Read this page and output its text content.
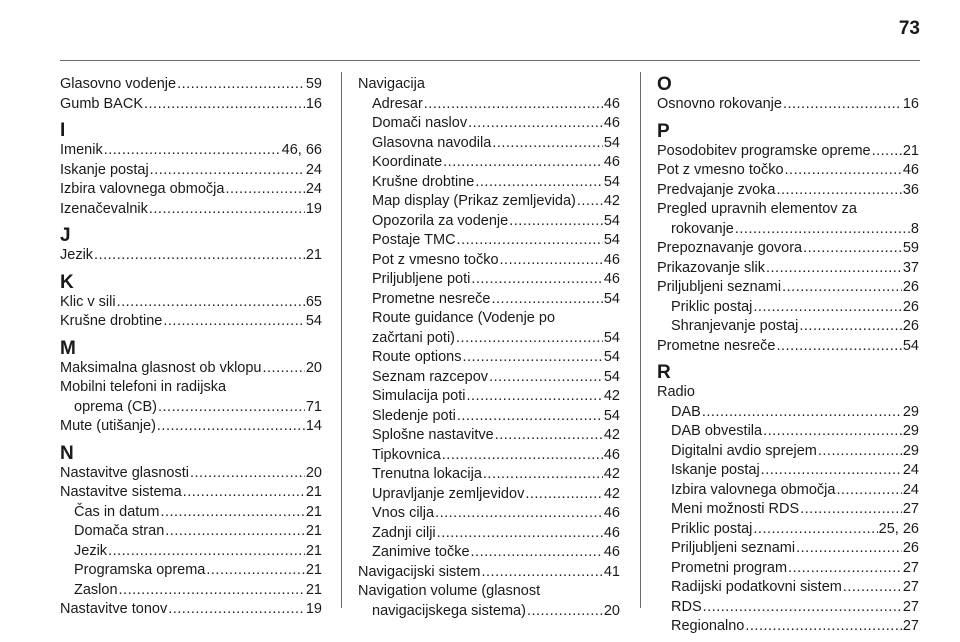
73
Glasovno vodenje .....	59
Gumb BACK .....	16
I
Imenik .....	46, 66
Iskanje postaj .....	24
Izbira valovnega območja .....	24
Izenačevalnik .....	19
J
Jezik .....	21
K
Klic v sili .....	65
Krušne drobtine .....	54
M
Maksimalna glasnost ob vklopu .....	20
Mobilni telefoni in radijska
oprema (CB) .....	71
Mute (utišanje) .....	14
N
Nastavitve glasnosti .....	20
Nastavitve sistema .....	21
Čas in datum .....	21
Domača stran .....	21
Jezik .....	21
Programska oprema .....	21
Zaslon .....	21
Nastavitve tonov .....	19
Navigacija
Adresar .....	46
Domači naslov .....	46
Glasovna navodila .....	54
Koordinate .....	46
Krušne drobtine .....	54
Map display (Prikaz zemljevida) ..... 42
Opozorila za vodenje .....	54
Postaje TMC .....	54
Pot z vmesno točko .....	46
Priljubljene poti .....	46
Prometne nesreče .....	54
Route guidance (Vodenje po
začrtani poti) .....	54
Route options .....	54
Seznam razcepov .....	54
Simulacija poti .....	42
Sledenje poti .....	54
Splošne nastavitve .....	42
Tipkovnica .....	46
Trenutna lokacija .....	42
Upravljanje zemljevidov .....	42
Vnos cilja .....	46
Zadnji cilji .....	46
Zanimive točke .....	46
Navigacijski sistem .....	41
Navigation volume (glasnost
navigacijskega sistema) .....	20
O
Osnovno rokovanje .....	16
P
Posodobitev programske opreme ..... 21
Pot z vmesno točko .....	46
Predvajanje zvoka .....	36
Pregled upravnih elementov za
rokovanje .....	8
Prepoznavanje govora .....	59
Prikazovanje slik .....	37
Priljubljeni seznami .....	26
Priklic postaj .....	26
Shranjevanje postaj .....	26
Prometne nesreče .....	54
R
Radio
DAB .....	29
DAB obvestila .....	29
Digitalni avdio sprejem .....	29
Iskanje postaj .....	24
Izbira valovnega območja .....	24
Meni možnosti RDS .....	27
Priklic postaj .....	25, 26
Priljubljeni seznami .....	26
Prometni program .....	27
Radijski podatkovni sistem .....	27
RDS .....	27
Regionalno .....	27
